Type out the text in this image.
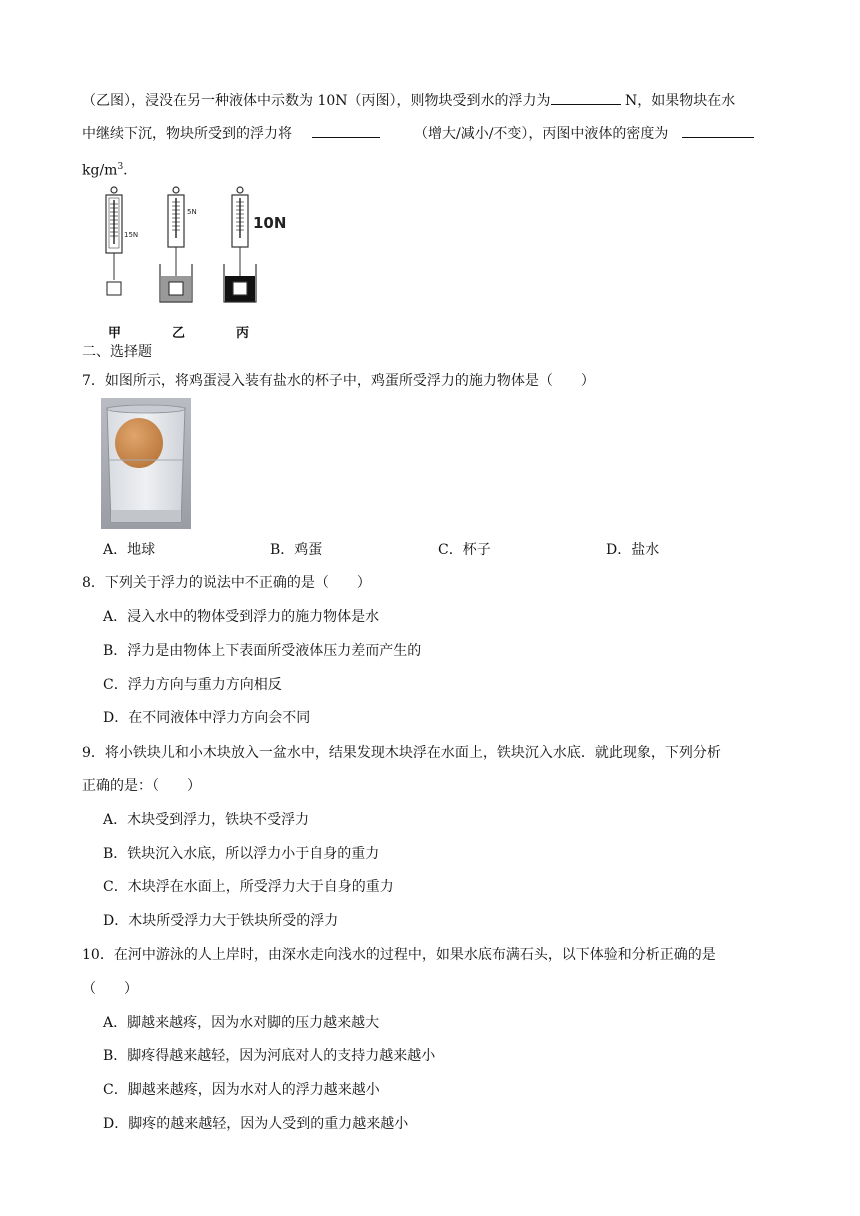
（乙图），浸没在另一种液体中示数为 10N（丙图），则物块受到水的浮力为	N，如果物块在水
中继续下沉，物块所受到的浮力将	（增大/减小/不变），丙图中液体的密度为
$kg/m^3$.
15N
5N
10N
甲	乙	丙
二、选择题
7．如图所示，将鸡蛋浸入装有盐水的杯子中，鸡蛋所受浮力的施力物体是（　　）
A．地球	B．鸡蛋	C．杯子	D．盐水
8．下列关于浮力的说法中不正确的是（　　）
A．浸入水中的物体受到浮力的施力物体是水
B．浮力是由物体上下表面所受液体压力差而产生的
C．浮力方向与重力方向相反
D．在不同液体中浮力方向会不同
9．将小铁块儿和小木块放入一盆水中，结果发现木块浮在水面上，铁块沉入水底．就此现象，下列分析
正确的是：（　　）
A．木块受到浮力，铁块不受浮力
B．铁块沉入水底，所以浮力小于自身的重力
C．木块浮在水面上，所受浮力大于自身的重力
D．木块所受浮力大于铁块所受的浮力
10．在河中游泳的人上岸时，由深水走向浅水的过程中，如果水底布满石头，以下体验和分析正确的是
（　　）
A．脚越来越疼，因为水对脚的压力越来越大
B．脚疼得越来越轻，因为河底对人的支持力越来越小
C．脚越来越疼，因为水对人的浮力越来越小
D．脚疼的越来越轻，因为人受到的重力越来越小
